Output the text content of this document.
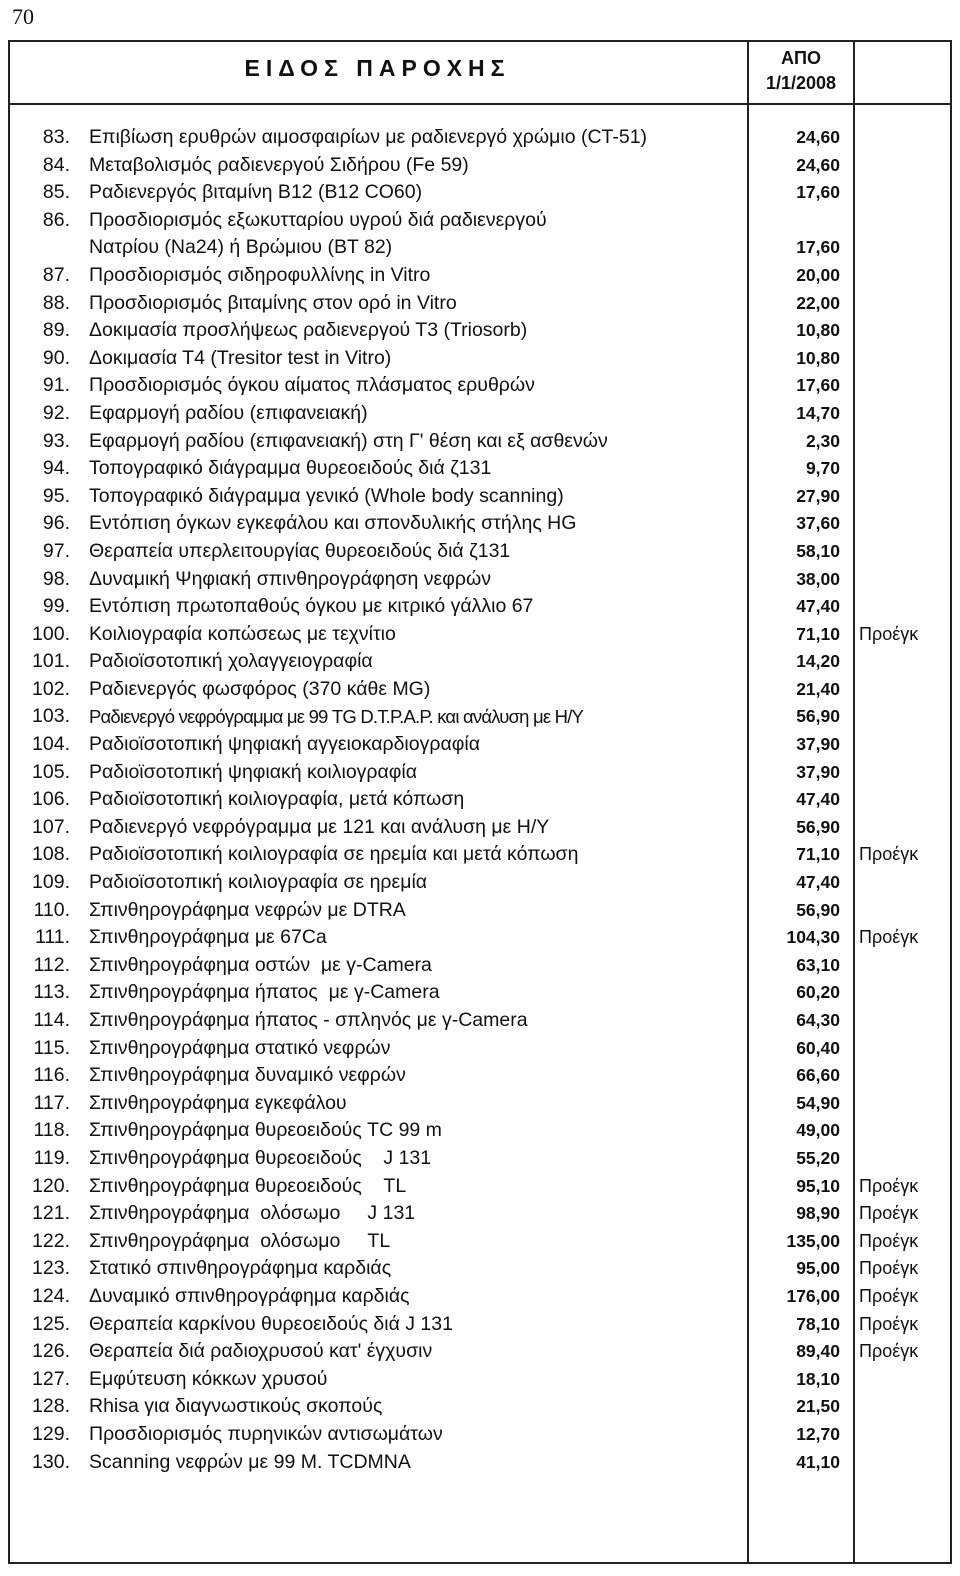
70
ΕΙΔΟΣ ΠΑΡΟΧΗΣ	ΑΠΟ
1/1/2008
83. Επιβίωση ερυθρών αιμοσφαιρίων με ραδιενεργό χρώμιο (CT-51)	24,60
84. Μεταβολισμός ραδιενεργού Σιδήρου (Fe 59)	24,60
85. Ραδιενεργός βιταμίνη Β12 (Β12 CO60)	17,60
86. Προσδιορισμός εξωκυτταρίου υγρού διά ραδιενεργού
Νατρίου (Na24) ή Βρώμιου (ΒΤ 82)	17,60
87. Προσδιορισμός σιδηροφυλλίνης in Vitro	20,00
88. Προσδιορισμός βιταμίνης στον ορό in Vitro	22,00
89. Δοκιμασία προσλήψεως ραδιενεργού Τ3 (Triosorb)	10,80
90. Δοκιμασία Τ4 (Tresitor test in Vitro)	10,80
91. Προσδιορισμός όγκου αίματος πλάσματος ερυθρών	17,60
92. Εφαρμογή ραδίου (επιφανειακή)	14,70
93. Εφαρμογή ραδίου (επιφανειακή) στη Γ' θέση και εξ ασθενών	2,30
94. Τοπογραφικό διάγραμμα θυρεοειδούς διά ζ131	9,70
95. Τοπογραφικό διάγραμμα γενικό (Whole body scanning)	27,90
96. Εντόπιση όγκων εγκεφάλου και σπονδυλικής στήλης HG	37,60
97. Θεραπεία υπερλειτουργίας θυρεοειδούς διά ζ131	58,10
98. Δυναμική Ψηφιακή σπινθηρογράφηση νεφρών	38,00
99. Εντόπιση πρωτοπαθούς όγκου με κιτρικό γάλλιο 67	47,40
100. Κοιλιογραφία κοπώσεως με τεχνίτιο	71,10 Προέγκ
101. Ραδιοϊσοτοπική χολαγγειογραφία	14,20
102. Ραδιενεργός φωσφόρος (370 κάθε MG)	21,40
103. Ραδιενεργό νεφρόγραμμα με 99 TG D.T.P.A.P. και ανάλυση με Η/Υ	56,90
104. Ραδιοϊσοτοπική ψηφιακή αγγειοκαρδιογραφία	37,90
105. Ραδιοϊσοτοπική ψηφιακή κοιλιογραφία	37,90
106. Ραδιοϊσοτοπική κοιλιογραφία, μετά κόπωση	47,40
107. Ραδιενεργό νεφρόγραμμα με 121 και ανάλυση με Η/Υ	56,90
108. Ραδιοϊσοτοπική κοιλιογραφία σε ηρεμία και μετά κόπωση	71,10 Προέγκ
109. Ραδιοϊσοτοπική κοιλιογραφία σε ηρεμία	47,40
110. Σπινθηρογράφημα νεφρών με DTRA	56,90
111. Σπινθηρογράφημα με 67Ca	104,30 Προέγκ
112. Σπινθηρογράφημα οστών  με γ-Camera	63,10
113. Σπινθηρογράφημα ήπατος  με γ-Camera	60,20
114. Σπινθηρογράφημα ήπατος - σπληνός με γ-Camera	64,30
115. Σπινθηρογράφημα στατικό νεφρών	60,40
116. Σπινθηρογράφημα δυναμικό νεφρών	66,60
117. Σπινθηρογράφημα εγκεφάλου	54,90
118. Σπινθηρογράφημα θυρεοειδούς TC 99 m	49,00
119. Σπινθηρογράφημα θυρεοειδούς    J 131	55,20
120. Σπινθηρογράφημα θυρεοειδούς    TL	95,10 Προέγκ
121. Σπινθηρογράφημα  ολόσωμο     J 131	98,90 Προέγκ
122. Σπινθηρογράφημα  ολόσωμο     TL	135,00 Προέγκ
123. Στατικό σπινθηρογράφημα καρδιάς	95,00 Προέγκ
124. Δυναμικό σπινθηρογράφημα καρδιάς	176,00 Προέγκ
125. Θεραπεία καρκίνου θυρεοειδούς διά J 131	78,10 Προέγκ
126. Θεραπεία διά ραδιοχρυσού κατ' έγχυσιν	89,40 Προέγκ
127. Εμφύτευση κόκκων χρυσού	18,10
128. Rhisa για διαγνωστικούς σκοπούς	21,50
129. Προσδιορισμός πυρηνικών αντισωμάτων	12,70
130. Scanning νεφρών με 99 M. TCDMNA	41,10
